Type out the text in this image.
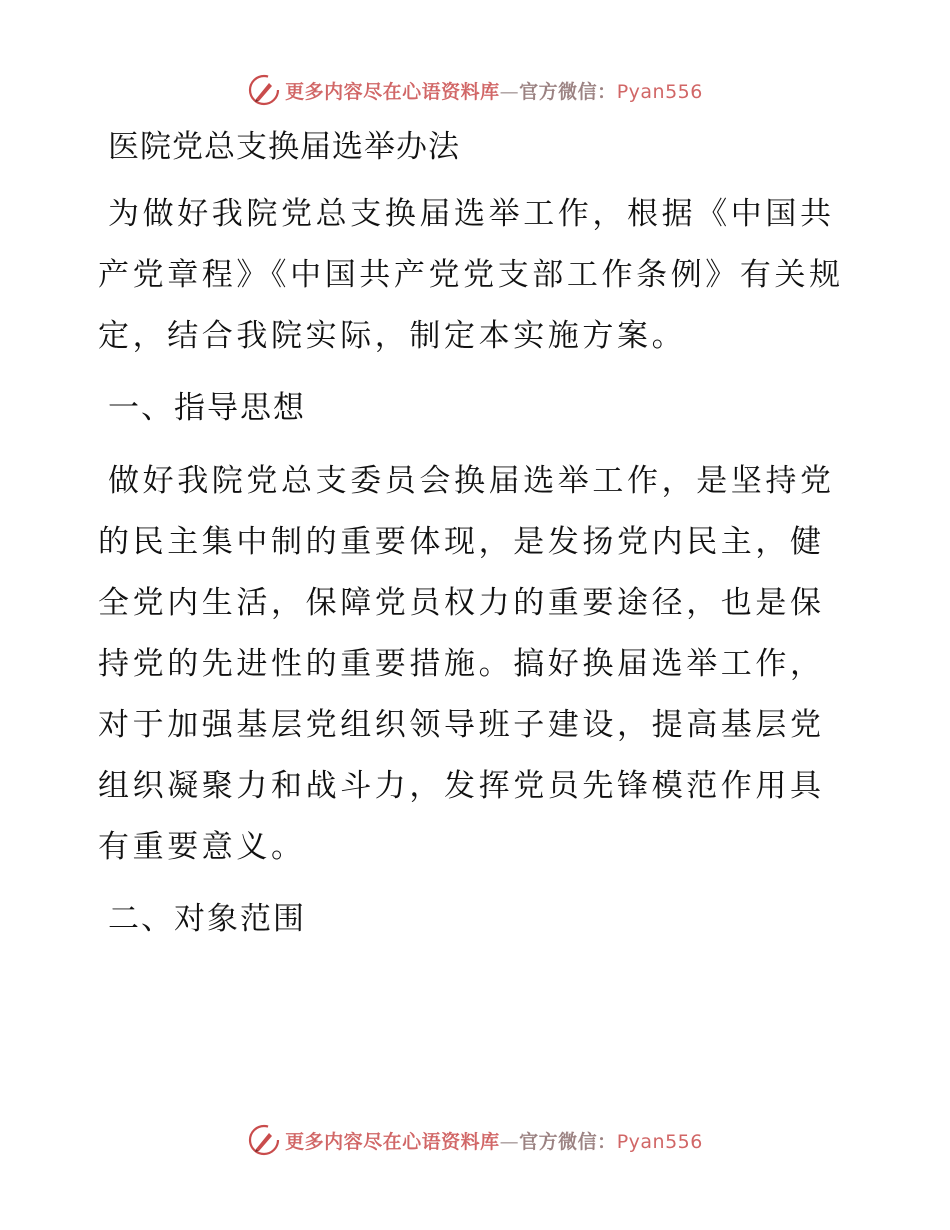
更多内容尽在心语资料库—官方微信：Pyan556
医院党总支换届选举办法

为做好我院党总支换届选举工作，根据《中国共产党章程》《中国共产党党支部工作条例》有关规定，结合我院实际，制定本实施方案。

一、指导思想

做好我院党总支委员会换届选举工作，是坚持党的民主集中制的重要体现，是发扬党内民主，健全党内生活，保障党员权力的重要途径，也是保持党的先进性的重要措施。搞好换届选举工作，对于加强基层党组织领导班子建设，提高基层党组织凝聚力和战斗力，发挥党员先锋模范作用具有重要意义。

二、对象范围
更多内容尽在心语资料库—官方微信：Pyan556
